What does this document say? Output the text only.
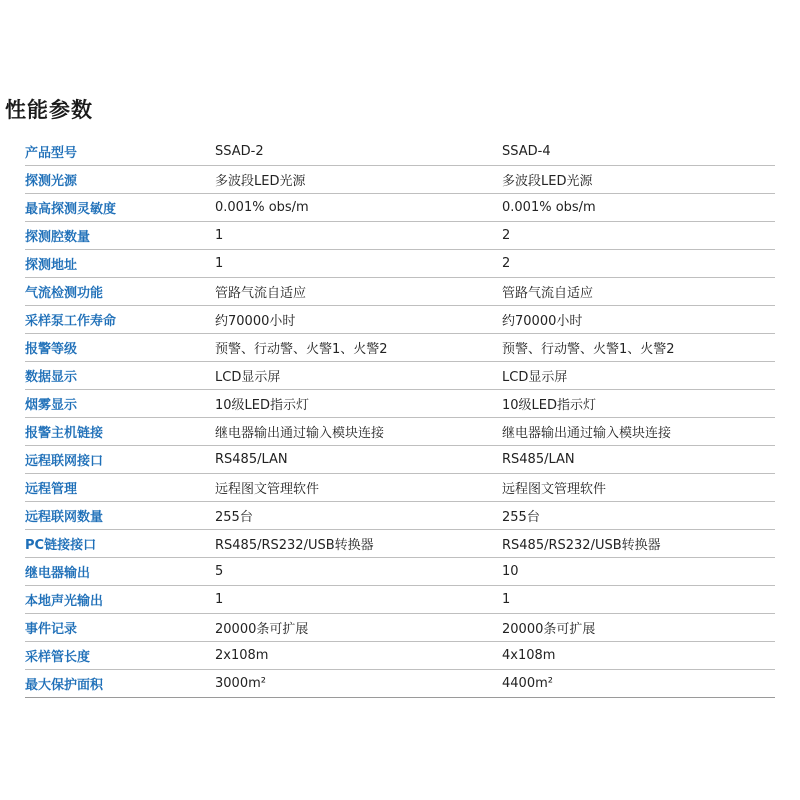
性能参数
产品型号	SSAD-2	SSAD-4
探测光源	多波段LED光源	多波段LED光源
最高探测灵敏度	0.001% obs/m	0.001% obs/m
探测腔数量	1	2
探测地址	1	2
气流检测功能	管路气流自适应	管路气流自适应
采样泵工作寿命	约70000小时	约70000小时
报警等级	预警、行动警、火警1、火警2	预警、行动警、火警1、火警2
数据显示	LCD显示屏	LCD显示屏
烟雾显示	10级LED指示灯	10级LED指示灯
报警主机链接	继电器输出通过输入模块连接	继电器输出通过输入模块连接
远程联网接口	RS485/LAN	RS485/LAN
远程管理	远程图文管理软件	远程图文管理软件
远程联网数量	255台	255台
PC链接接口	RS485/RS232/USB转换器	RS485/RS232/USB转换器
继电器输出	5	10
本地声光输出	1	1
事件记录	20000条可扩展	20000条可扩展
采样管长度	2x108m	4x108m
最大保护面积	3000m²	4400m²
